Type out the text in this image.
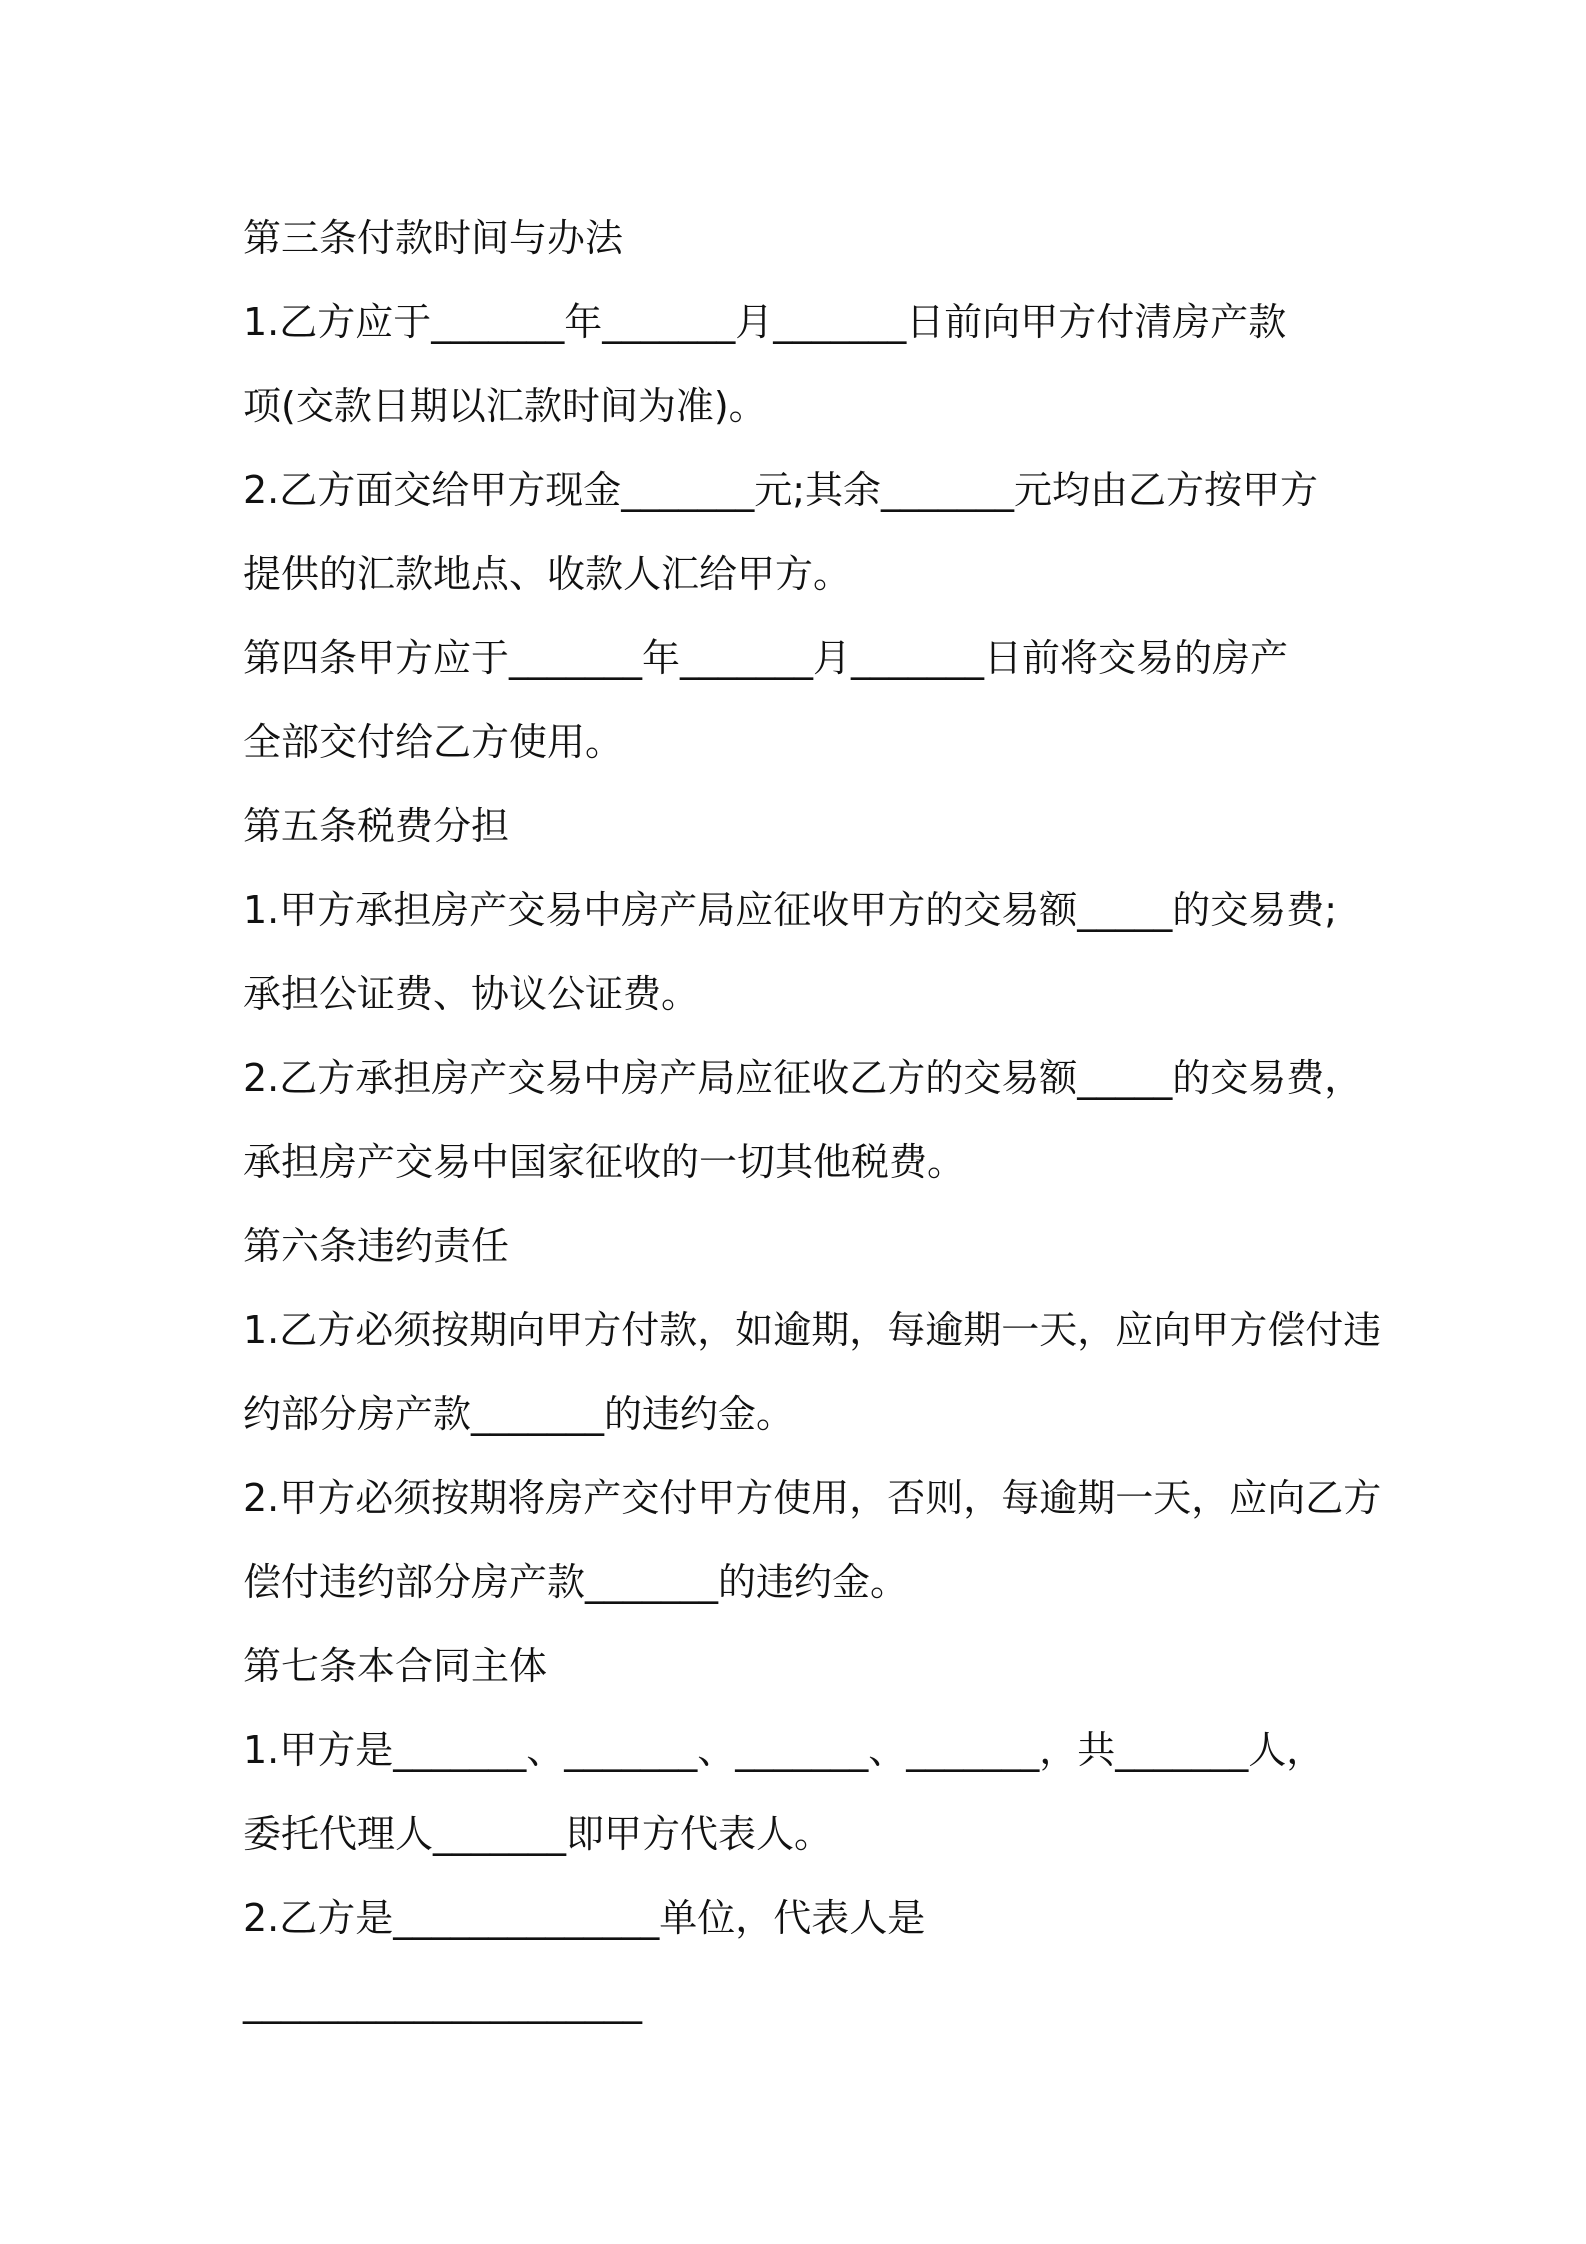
第三条付款时间与办法

1.乙方应于_______年_______月_______日前向甲方付清房产款

项(交款日期以汇款时间为准)。

2.乙方面交给甲方现金_______元;其余_______元均由乙方按甲方

提供的汇款地点、收款人汇给甲方。

第四条甲方应于_______年_______月_______日前将交易的房产

全部交付给乙方使用。

第五条税费分担

1.甲方承担房产交易中房产局应征收甲方的交易额_____的交易费;

承担公证费、协议公证费。

2.乙方承担房产交易中房产局应征收乙方的交易额_____的交易费，

承担房产交易中国家征收的一切其他税费。

第六条违约责任

1.乙方必须按期向甲方付款，如逾期，每逾期一天，应向甲方偿付违

约部分房产款_______的违约金。

2.甲方必须按期将房产交付甲方使用，否则，每逾期一天，应向乙方

偿付违约部分房产款_______的违约金。

第七条本合同主体

1.甲方是_______、_______、_______、_______，共_______人，

委托代理人_______即甲方代表人。

2.乙方是______________单位，代表人是

_____________________
